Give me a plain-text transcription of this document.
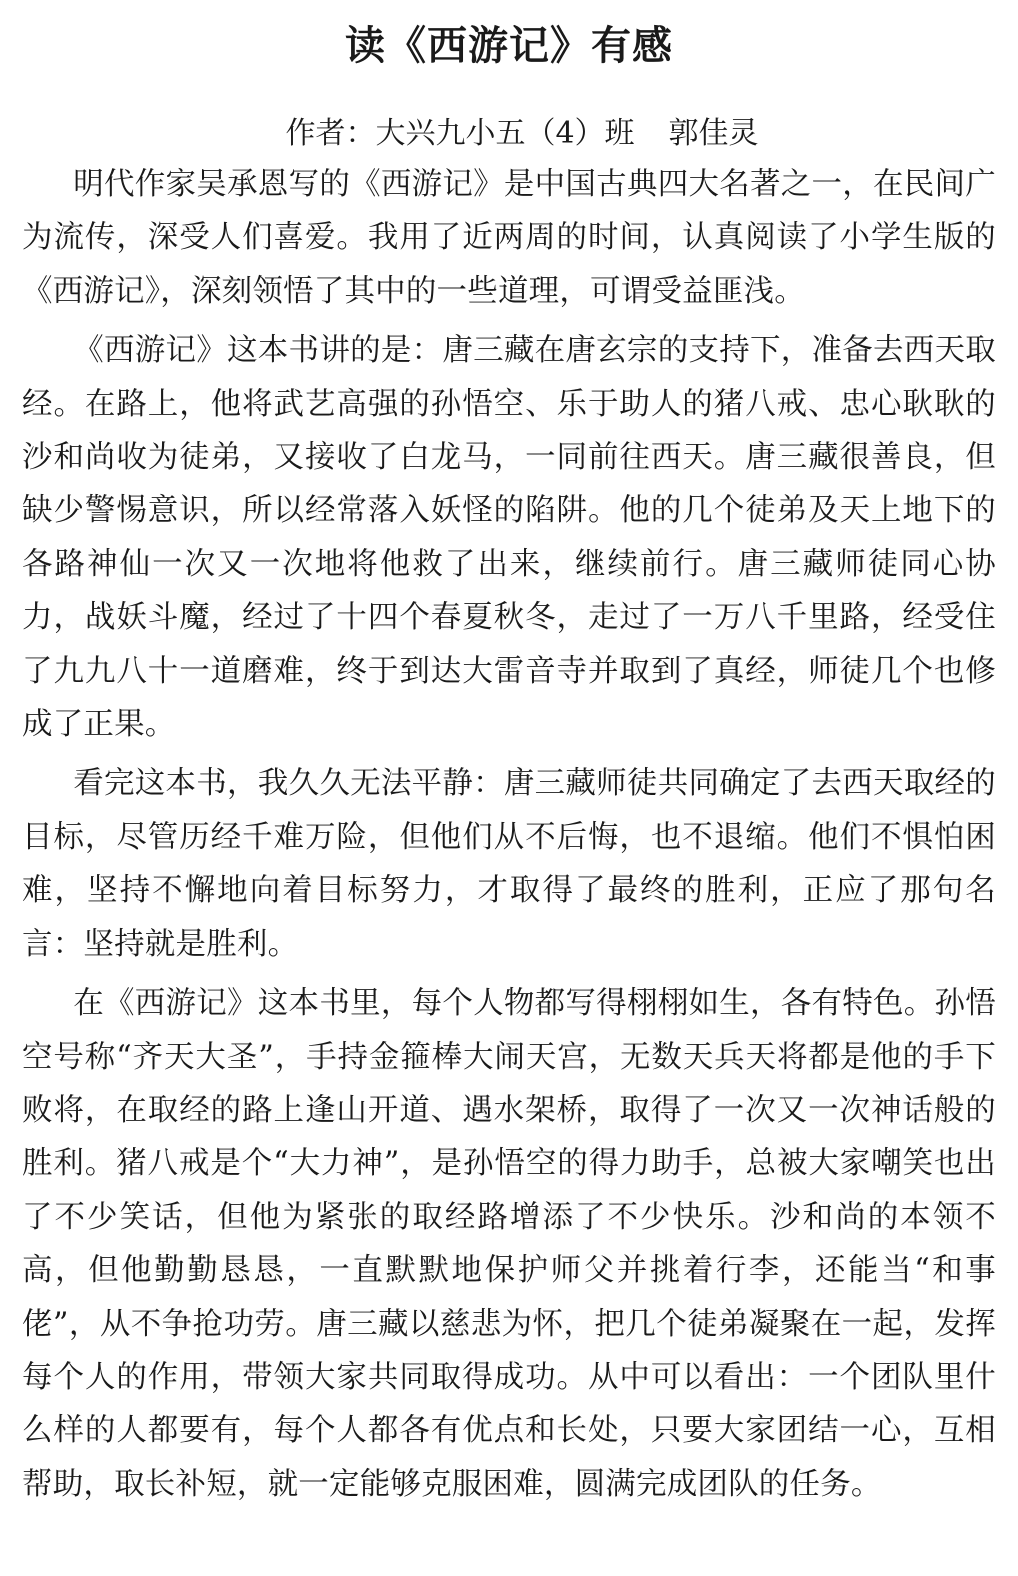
读《西游记》有感
作者：大兴九小五（4）班 郭佳灵

明代作家吴承恩写的《西游记》是中国古典四大名著之一，在民间广为流传，深受人们喜爱。我用了近两周的时间，认真阅读了小学生版的《西游记》，深刻领悟了其中的一些道理，可谓受益匪浅。

《西游记》这本书讲的是：唐三藏在唐玄宗的支持下，准备去西天取经。在路上，他将武艺高强的孙悟空、乐于助人的猪八戒、忠心耿耿的沙和尚收为徒弟，又接收了白龙马，一同前往西天。唐三藏很善良，但缺少警惕意识，所以经常落入妖怪的陷阱。他的几个徒弟及天上地下的各路神仙一次又一次地将他救了出来，继续前行。唐三藏师徒同心协力，战妖斗魔，经过了十四个春夏秋冬，走过了一万八千里路，经受住了九九八十一道磨难，终于到达大雷音寺并取到了真经，师徒几个也修成了正果。

看完这本书，我久久无法平静：唐三藏师徒共同确定了去西天取经的目标，尽管历经千难万险，但他们从不后悔，也不退缩。他们不惧怕困难，坚持不懈地向着目标努力，才取得了最终的胜利，正应了那句名言：坚持就是胜利。

在《西游记》这本书里，每个人物都写得栩栩如生，各有特色。孙悟空号称“齐天大圣”，手持金箍棒大闹天宫，无数天兵天将都是他的手下败将，在取经的路上逢山开道、遇水架桥，取得了一次又一次神话般的胜利。猪八戒是个“大力神”，是孙悟空的得力助手，总被大家嘲笑也出了不少笑话，但他为紧张的取经路增添了不少快乐。沙和尚的本领不高，但他勤勤恳恳，一直默默地保护师父并挑着行李，还能当“和事佬”，从不争抢功劳。唐三藏以慈悲为怀，把几个徒弟凝聚在一起，发挥每个人的作用，带领大家共同取得成功。从中可以看出：一个团队里什么样的人都要有，每个人都各有优点和长处，只要大家团结一心，互相帮助，取长补短，就一定能够克服困难，圆满完成团队的任务。
